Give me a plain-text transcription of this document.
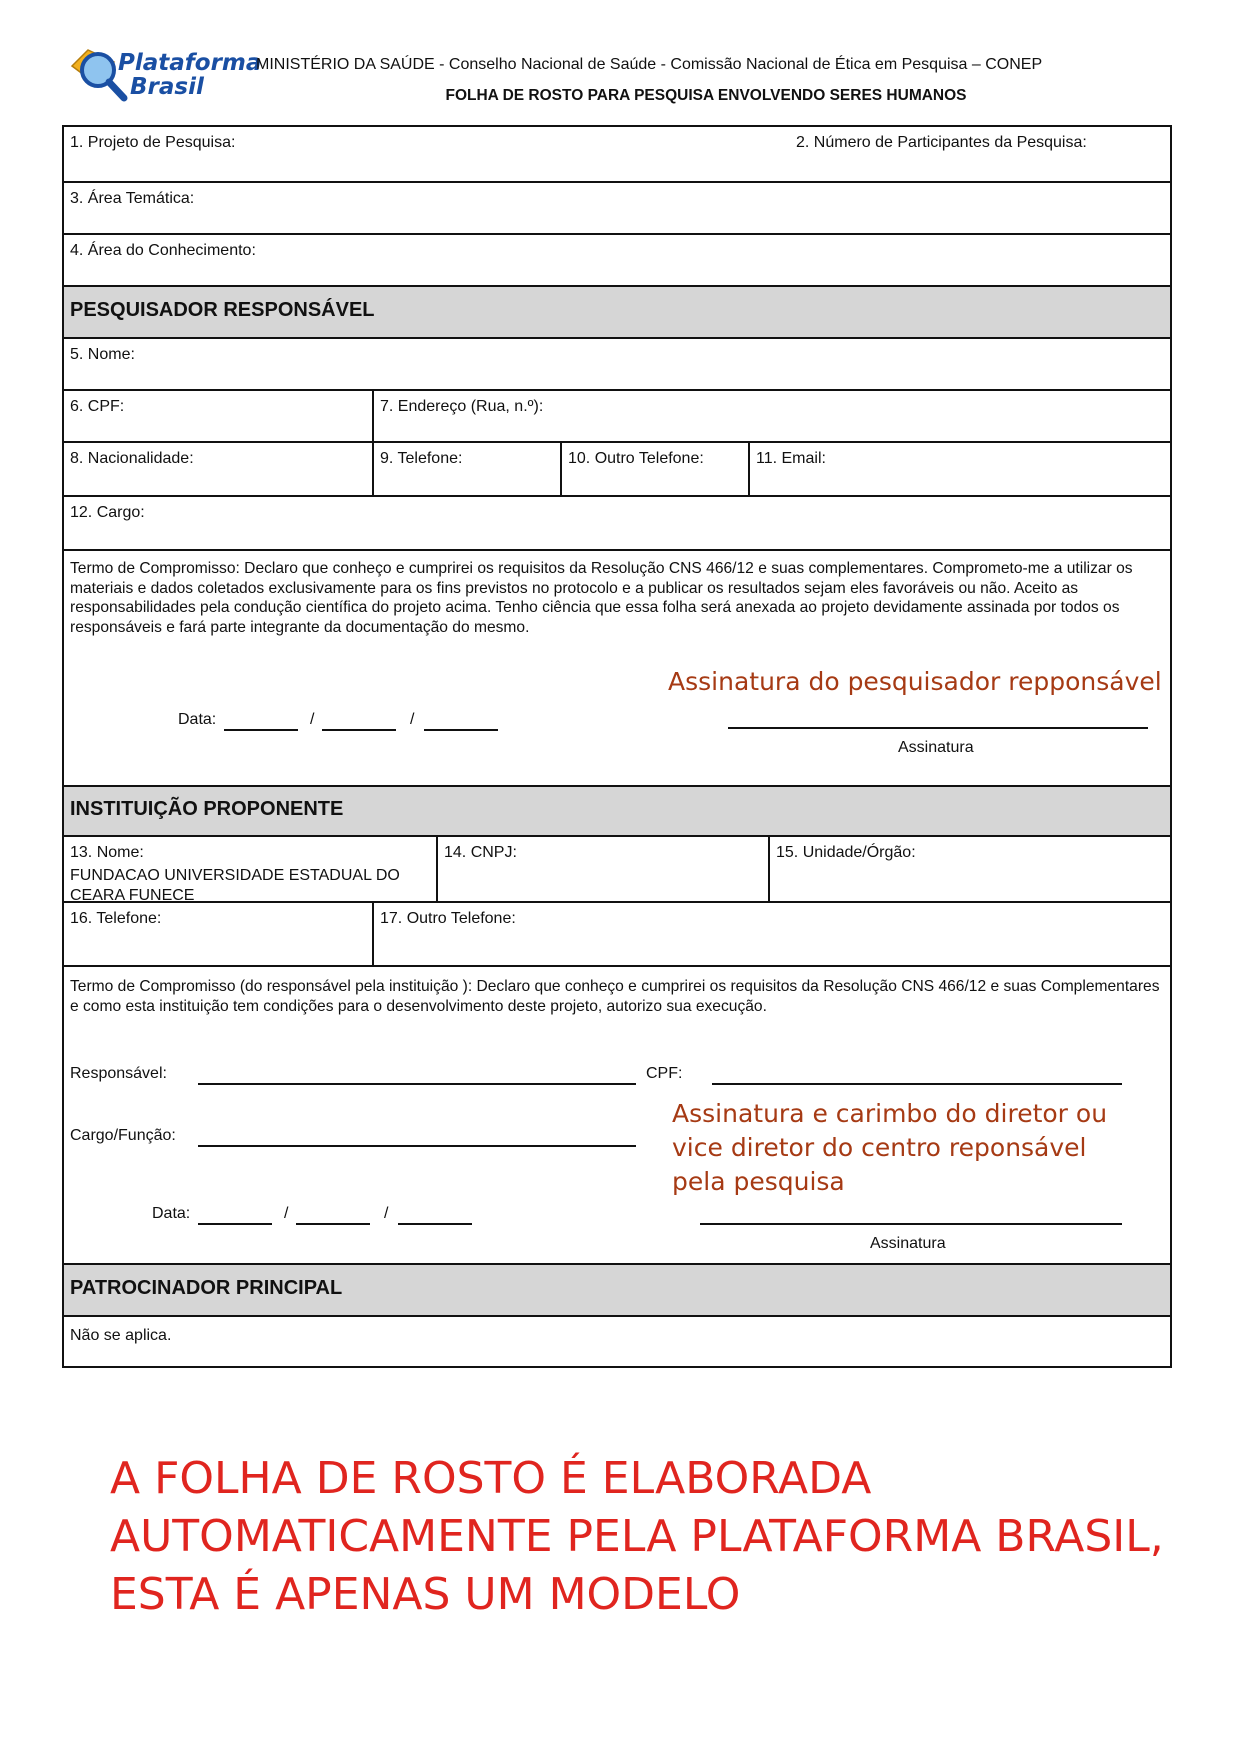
Plataforma
Brasil
MINISTÉRIO DA SAÚDE - Conselho Nacional de Saúde - Comissão Nacional de Ética em Pesquisa – CONEP
FOLHA DE ROSTO PARA PESQUISA ENVOLVENDO SERES HUMANOS
1. Projeto de Pesquisa:	2. Número de Participantes da Pesquisa:
3. Área Temática:
4. Área do Conhecimento:
PESQUISADOR RESPONSÁVEL
5. Nome:
6. CPF:	7. Endereço (Rua, n.º):
8. Nacionalidade:	9. Telefone:	10. Outro Telefone:	11. Email:
12. Cargo:
Termo de Compromisso: Declaro que conheço e cumprirei os requisitos da Resolução CNS 466/12 e suas complementares. Comprometo-me a utilizar os materiais e dados coletados exclusivamente para os fins previstos no protocolo e a publicar os resultados sejam eles favoráveis ou não. Aceito as responsabilidades pela condução científica do projeto acima. Tenho ciência que essa folha será anexada ao projeto devidamente assinada por todos os responsáveis e fará parte integrante da documentação do mesmo.
Data:	/	/
Assinatura do pesquisador repponsável
Assinatura
INSTITUIÇÃO PROPONENTE
13. Nome:
FUNDACAO UNIVERSIDADE ESTADUAL DO CEARA FUNECE
14. CNPJ:	15. Unidade/Órgão:
16. Telefone:	17. Outro Telefone:
Termo de Compromisso (do responsável pela instituição ): Declaro que conheço e cumprirei os requisitos da Resolução CNS 466/12 e suas Complementares e como esta instituição tem condições para o desenvolvimento deste projeto, autorizo sua execução.
Responsável:	CPF:
Cargo/Função:
Data:	/	/
Assinatura e carimbo do diretor ou vice diretor do centro reponsável pela pesquisa
Assinatura
PATROCINADOR PRINCIPAL
Não se aplica.
A FOLHA DE ROSTO É ELABORADA
AUTOMATICAMENTE PELA PLATAFORMA BRASIL,
ESTA É APENAS UM MODELO
